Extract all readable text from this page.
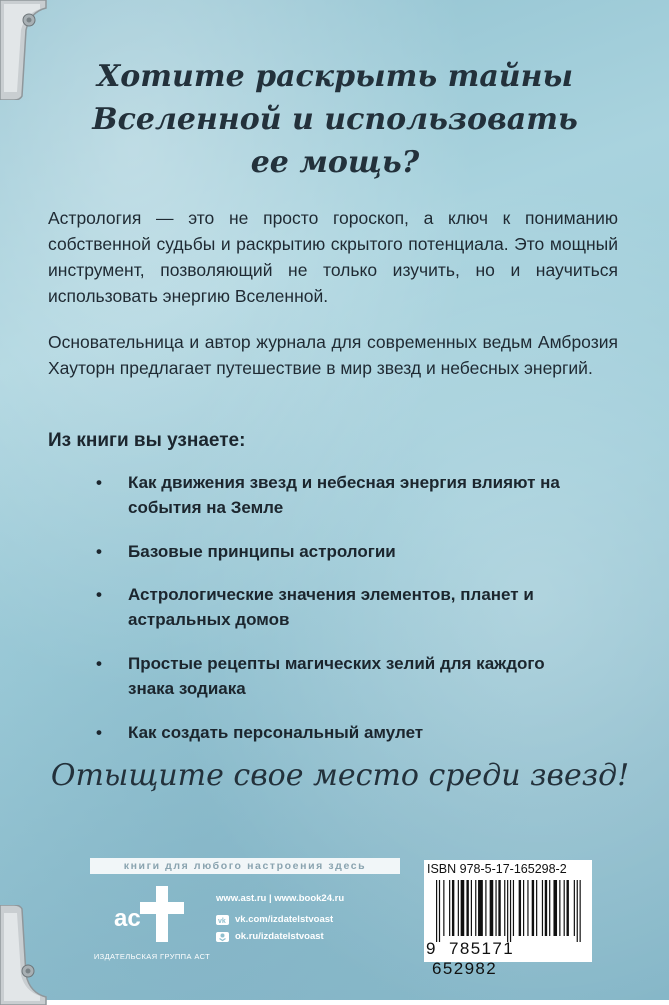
Хотите раскрыть тайны
Вселенной и использовать
ее мощь?

Астрология — это не просто гороскоп, а ключ к пониманию собственной судьбы и раскрытию скрытого потенциала. Это мощный инструмент, позволяющий не только изучить, но и научиться использовать энергию Вселенной.

Основательница и автор журнала для современных ведьм Амброзия Хауторн предлагает путешествие в мир звезд и небесных энергий.

Из книги вы узнаете:
•	Как движения звезд и небесная энергия влияют на события на Земле
•	Базовые принципы астрологии
•	Астрологические значения элементов, планет и астральных домов
•	Простые рецепты магических зелий для каждого знака зодиака
•	Как создать персональный амулет

Отыщите свое место среди звезд!

книги для любого настроения здесь
ac
ИЗДАТЕЛЬСКАЯ ГРУППА АСТ
www.ast.ru | www.book24.ru
vk vk.com/izdatelstvoast
ok.ru/izdatelstvoast
ISBN 978-5-17-165298-2
9 785171 652982
